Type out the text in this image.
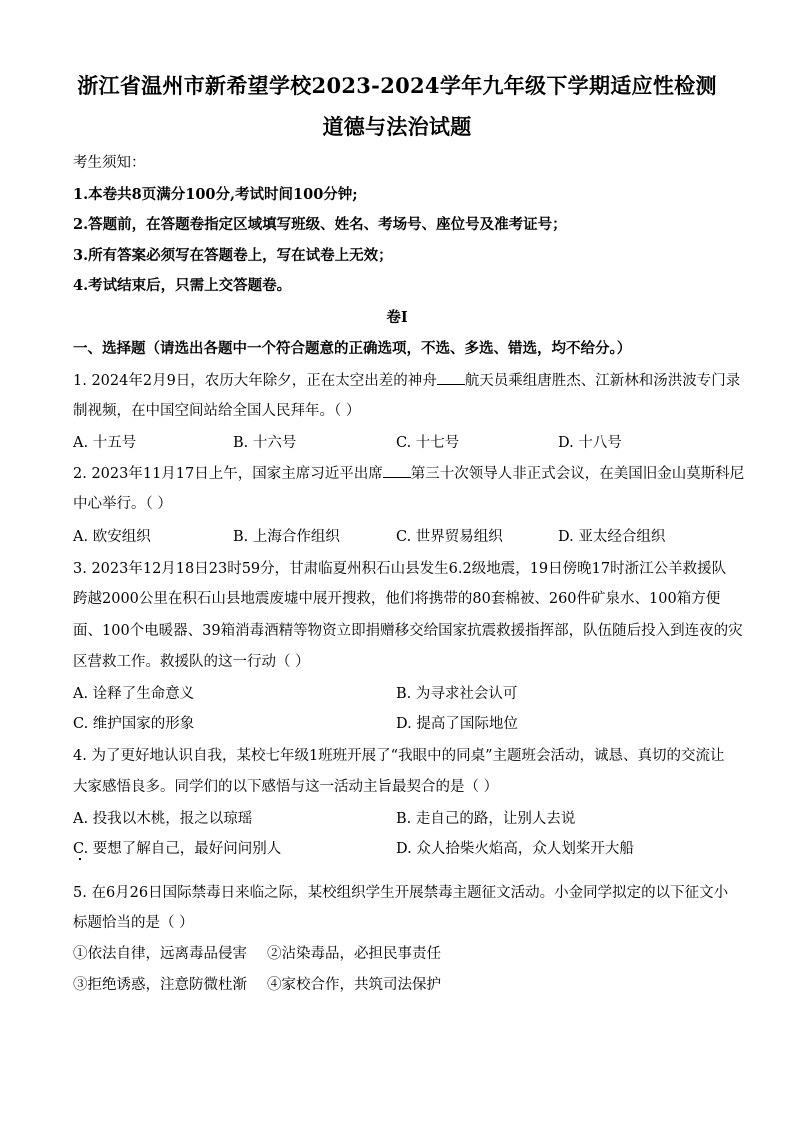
浙江省温州市新希望学校2023-2024学年九年级下学期适应性检测
道德与法治试题
考生须知：
1.本卷共8页满分100分,考试时间100分钟;
2.答题前，在答题卷指定区域填写班级、姓名、考场号、座位号及准考证号；
3.所有答案必须写在答题卷上，写在试卷上无效；
4.考试结束后，只需上交答题卷。
卷I
一、选择题（请选出各题中一个符合题意的正确选项，不选、多选、错选，均不给分。）
1. 2024年2月9日，农历大年除夕，正在太空出差的神舟 航天员乘组唐胜杰、江新林和汤洪波专门录
制视频，在中国空间站给全国人民拜年。（ ）
A. 十五号	B. 十六号	C. 十七号	D. 十八号
2. 2023年11月17日上午，国家主席习近平出席 第三十次领导人非正式会议，在美国旧金山莫斯科尼
中心举行。（ ）
A. 欧安组织	B. 上海合作组织	C. 世界贸易组织	D. 亚太经合组织
3. 2023年12月18日23时59分，甘肃临夏州积石山县发生6.2级地震，19日傍晚17时浙江公羊救援队
跨越2000公里在积石山县地震废墟中展开搜救，他们将携带的80套棉被、260件矿泉水、100箱方便
面、100个电暖器、39箱消毒酒精等物资立即捐赠移交给国家抗震救援指挥部，队伍随后投入到连夜的灾
区营救工作。救援队的这一行动（ ）
A. 诠释了生命意义	B. 为寻求社会认可
C. 维护国家的形象	D. 提高了国际地位
4. 为了更好地认识自我，某校七年级1班班开展了“我眼中的同桌”主题班会活动，诚恳、真切的交流让
大家感悟良多。同学们的以下感悟与这一活动主旨最契合的是（ ）
A. 投我以木桃，报之以琼瑶	B. 走自己的路，让别人去说
C. 要想了解自己，最好问问别人	D. 众人拾柴火焰高，众人划桨开大船
5. 在6月26日国际禁毒日来临之际，某校组织学生开展禁毒主题征文活动。小金同学拟定的以下征文小
标题恰当的是（ ）
①依法自律，远离毒品侵害 ②沾染毒品，必担民事责任
③拒绝诱惑，注意防微杜渐 ④家校合作，共筑司法保护
